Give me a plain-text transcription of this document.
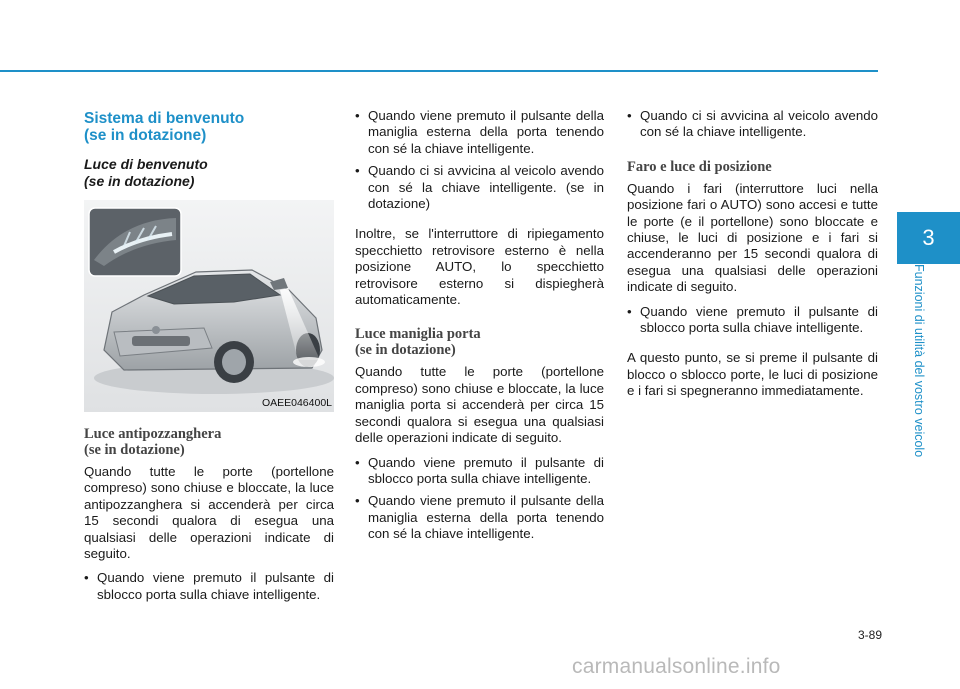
3
Funzioni di utilità del vostro veicolo
Sistema di benvenuto
(se in dotazione)
Luce di benvenuto
(se in dotazione)
OAEE046400L
Luce antipozzanghera
(se in dotazione)

Quando tutte le porte (portellone compreso) sono chiuse e bloccate, la luce antipozzanghera si accenderà per circa 15 secondi qualora di esegua una qualsiasi delle operazioni indicate di seguito.

• Quando viene premuto il pulsante di sblocco porta sulla chiave intelligente.
• Quando viene premuto il pulsante della maniglia esterna della porta tenendo con sé la chiave intelligente.
• Quando ci si avvicina al veicolo avendo con sé la chiave intelligente. (se in dotazione)

Inoltre, se l'interruttore di ripiegamento specchietto retrovisore esterno è nella posizione AUTO, lo specchietto retrovisore esterno si dispiegherà automaticamente.

Luce maniglia porta
(se in dotazione)

Quando tutte le porte (portellone compreso) sono chiuse e bloccate, la luce maniglia porta si accenderà per circa 15 secondi qualora si esegua una qualsiasi delle operazioni indicate di seguito.

• Quando viene premuto il pulsante di sblocco porta sulla chiave intelligente.
• Quando viene premuto il pulsante della maniglia esterna della porta tenendo con sé la chiave intelligente.
• Quando ci si avvicina al veicolo avendo con sé la chiave intelligente.
Faro e luce di posizione

Quando i fari (interruttore luci nella posizione fari o AUTO) sono accesi e tutte le porte (e il portellone) sono bloccate e chiuse, le luci di posizione e i fari si accenderanno per 15 secondi qualora di esegua una qualsiasi delle operazioni indicate di seguito.

• Quando viene premuto il pulsante di sblocco porta sulla chiave intelligente.

A questo punto, se si preme il pulsante di blocco o sblocco porte, le luci di posizione e i fari si spegneranno immediatamente.

3-89
carmanualsonline.info
